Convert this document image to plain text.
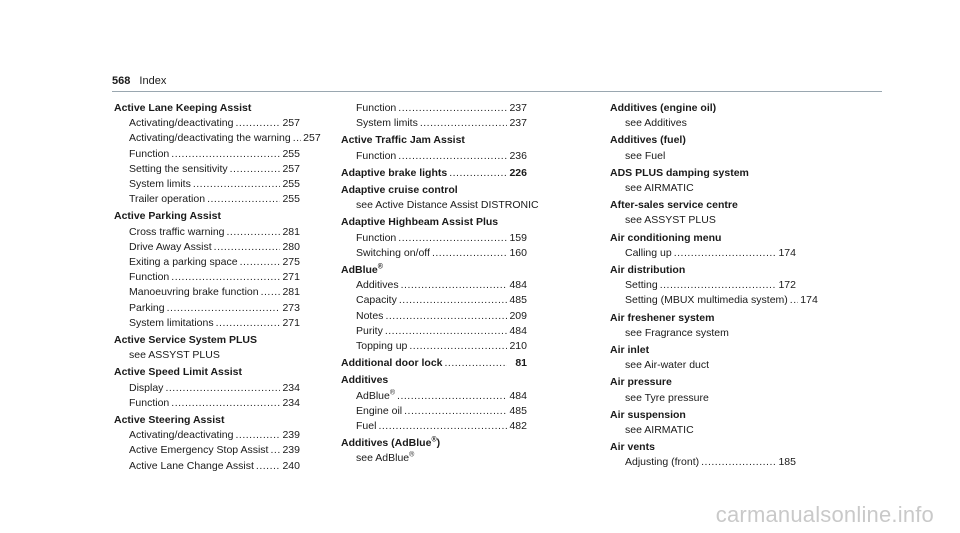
568 Index
Active Lane Keeping Assist
Activating/deactivating .....	257
Activating/deactivating the warning ..... 257
Function .....	255
Setting the sensitivity .....	257
System limits .....	255
Trailer operation .....	255
Active Parking Assist
Cross traffic warning .....	281
Drive Away Assist .....	280
Exiting a parking space .....	275
Function .....	271
Manoeuvring brake function ..... 281
Parking .....	273
System limitations .....	271
Active Service System PLUS
see ASSYST PLUS
Active Speed Limit Assist
Display .....	234
Function .....	234
Active Steering Assist
Activating/deactivating .....	239
Active Emergency Stop Assist ..... 239
Active Lane Change Assist .....	240
Function .....	237
System limits .....	237
Active Traffic Jam Assist
Function .....	236
Adaptive brake lights .....	226
Adaptive cruise control
see Active Distance Assist DISTRONIC
Adaptive Highbeam Assist Plus
Function .....	159
Switching on/off .....	160
AdBlue®
Additives .....	484
Capacity .....	485
Notes .....	209
Purity .....	484
Topping up .....	210
Additional door lock .....	81
Additives
AdBlue® .....	484
Engine oil .....	485
Fuel .....	482
Additives (AdBlue®)
see AdBlue®
Additives (engine oil)
see Additives
Additives (fuel)
see Fuel
ADS PLUS damping system
see AIRMATIC
After-sales service centre
see ASSYST PLUS
Air conditioning menu
Calling up .....	174
Air distribution
Setting .....	172
Setting (MBUX multimedia system) ..... 174
Air freshener system
see Fragrance system
Air inlet
see Air-water duct
Air pressure
see Tyre pressure
Air suspension
see AIRMATIC
Air vents
Adjusting (front) .....	185
carmanualsonline.info
